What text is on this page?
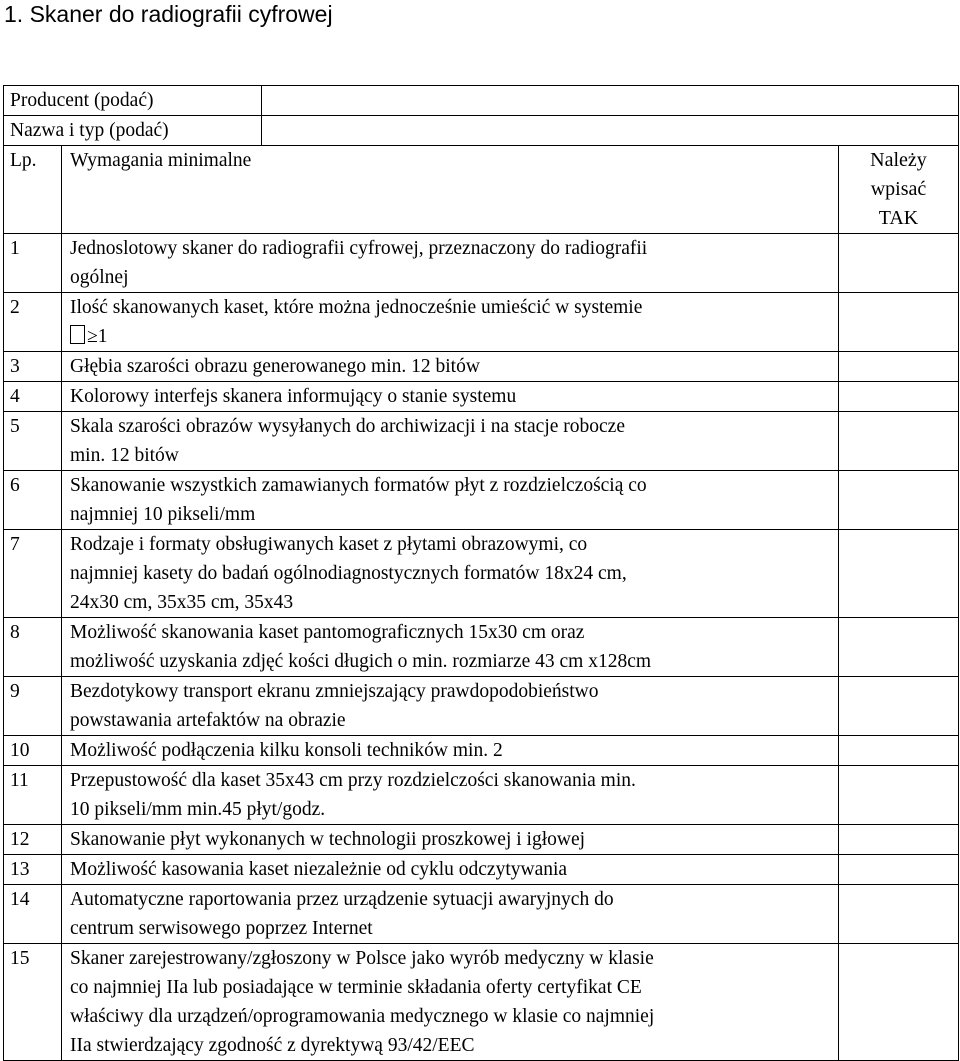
1. Skaner do radiografii cyfrowej
Producent (podać)			
Nazwa i typ (podać)			
Lp.	Wymagania minimalne		Należy
wpisać
TAK

1	Jednoslotowy skaner do radiografii cyfrowej, przeznaczony do radiografii
ogólnej		

2	Ilość skanowanych kaset, które można jednocześnie umieścić w systemie
≥1		

3	Głębia szarości obrazu generowanego min. 12 bitów		

4	Kolorowy interfejs skanera informujący o stanie systemu		

5	Skala szarości obrazów wysyłanych do archiwizacji i na stacje robocze
min. 12 bitów		

6	Skanowanie wszystkich zamawianych formatów płyt z rozdzielczością co
najmniej 10 pikseli/mm		

7	Rodzaje i formaty obsługiwanych kaset z płytami obrazowymi, co
najmniej kasety do badań ogólnodiagnostycznych formatów 18x24 cm,
24x30 cm, 35x35 cm, 35x43		

8	Możliwość skanowania kaset pantomograficznych 15x30 cm oraz
możliwość uzyskania zdjęć kości długich o min. rozmiarze 43 cm x128cm		

9	Bezdotykowy transport ekranu zmniejszający prawdopodobieństwo
powstawania artefaktów na obrazie		

10	Możliwość podłączenia kilku konsoli techników min. 2		

11	Przepustowość dla kaset 35x43 cm przy rozdzielczości skanowania min.
10 pikseli/mm min.45 płyt/godz.		

12	Skanowanie płyt wykonanych w technologii proszkowej i igłowej		

13	Możliwość kasowania kaset niezależnie od cyklu odczytywania		

14	Automatyczne raportowania przez urządzenie sytuacji awaryjnych do
centrum serwisowego poprzez Internet		

15	Skaner zarejestrowany/zgłoszony w Polsce jako wyrób medyczny w klasie
co najmniej IIa lub posiadające w terminie składania oferty certyfikat CE
właściwy dla urządzeń/oprogramowania medycznego w klasie co najmniej
IIa stwierdzający zgodność z dyrektywą 93/42/EEC		
